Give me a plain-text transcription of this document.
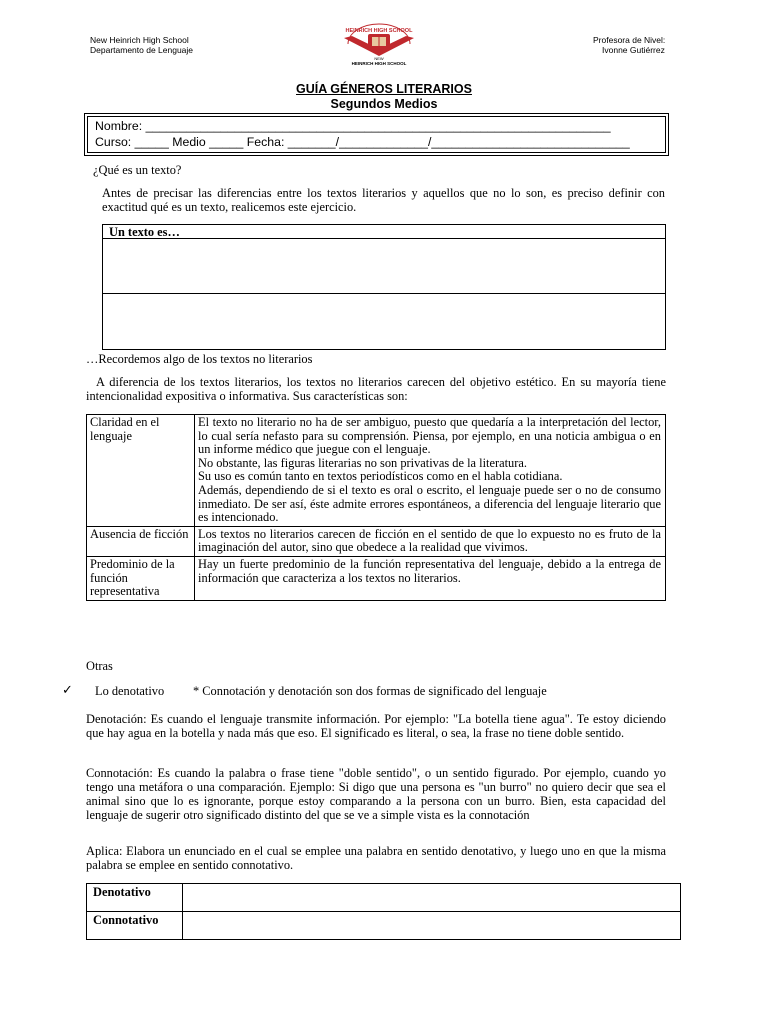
New Heinrich High School
Departamento de Lenguaje
Profesora de Nivel:
Ivonne Gutiérrez
HEINRICH HIGH SCHOOL
NEW
HEINRICH HIGH SCHOOL
GUÍA GÉNEROS LITERARIOS
Segundos Medios
Nombre: ____________________________________________________________________
Curso: _____ Medio _____ Fecha: _______/_____________/_____________________________
¿Qué es un texto?
Antes de precisar las diferencias entre los textos literarios y aquellos que no lo son, es preciso definir con exactitud qué es un texto, realicemos este ejercicio.
Un texto es…
…Recordemos algo de los textos no literarios
A diferencia de los textos literarios, los textos no literarios carecen del objetivo estético. En su mayoría tiene intencionalidad expositiva o informativa. Sus características son:
Claridad en el lenguaje	El texto no literario no ha de ser ambiguo, puesto que quedaría a la interpretación del lector, lo cual sería nefasto para su comprensión. Piensa, por ejemplo, en una noticia ambigua o en un informe médico que juegue con el lenguaje.
No obstante, las figuras literarias no son privativas de la literatura.
Su uso es común tanto en textos periodísticos como en el habla cotidiana.
Además, dependiendo de si el texto es oral o escrito, el lenguaje puede ser o no de consumo inmediato. De ser así, éste admite errores espontáneos, a diferencia del lenguaje literario que es intencionado.

Ausencia de ficción	Los textos no literarios carecen de ficción en el sentido de que lo expuesto no es fruto de la imaginación del autor, sino que obedece a la realidad que vivimos.

Predominio de la función representativa	Hay un fuerte predominio de la función representativa del lenguaje, debido a la entrega de información que caracteriza a los textos no literarios.
Otras
✓ Lo denotativo * Connotación y denotación son dos formas de significado del lenguaje
Denotación: Es cuando el lenguaje transmite información. Por ejemplo: "La botella tiene agua". Te estoy diciendo que hay agua en la botella y nada más que eso. El significado es literal, o sea, la frase no tiene doble sentido.
Connotación: Es cuando la palabra o frase tiene "doble sentido", o un sentido figurado. Por ejemplo, cuando yo tengo una metáfora o una comparación. Ejemplo: Si digo que una persona es "un burro" no quiero decir que sea el animal sino que lo es ignorante, porque estoy comparando a la persona con un burro. Bien, esta capacidad del lenguaje de sugerir otro significado distinto del que se ve a simple vista es la connotación
Aplica: Elabora un enunciado en el cual se emplee una palabra en sentido denotativo, y luego uno en que la misma palabra se emplee en sentido connotativo.
Denotativo	
Connotativo	
